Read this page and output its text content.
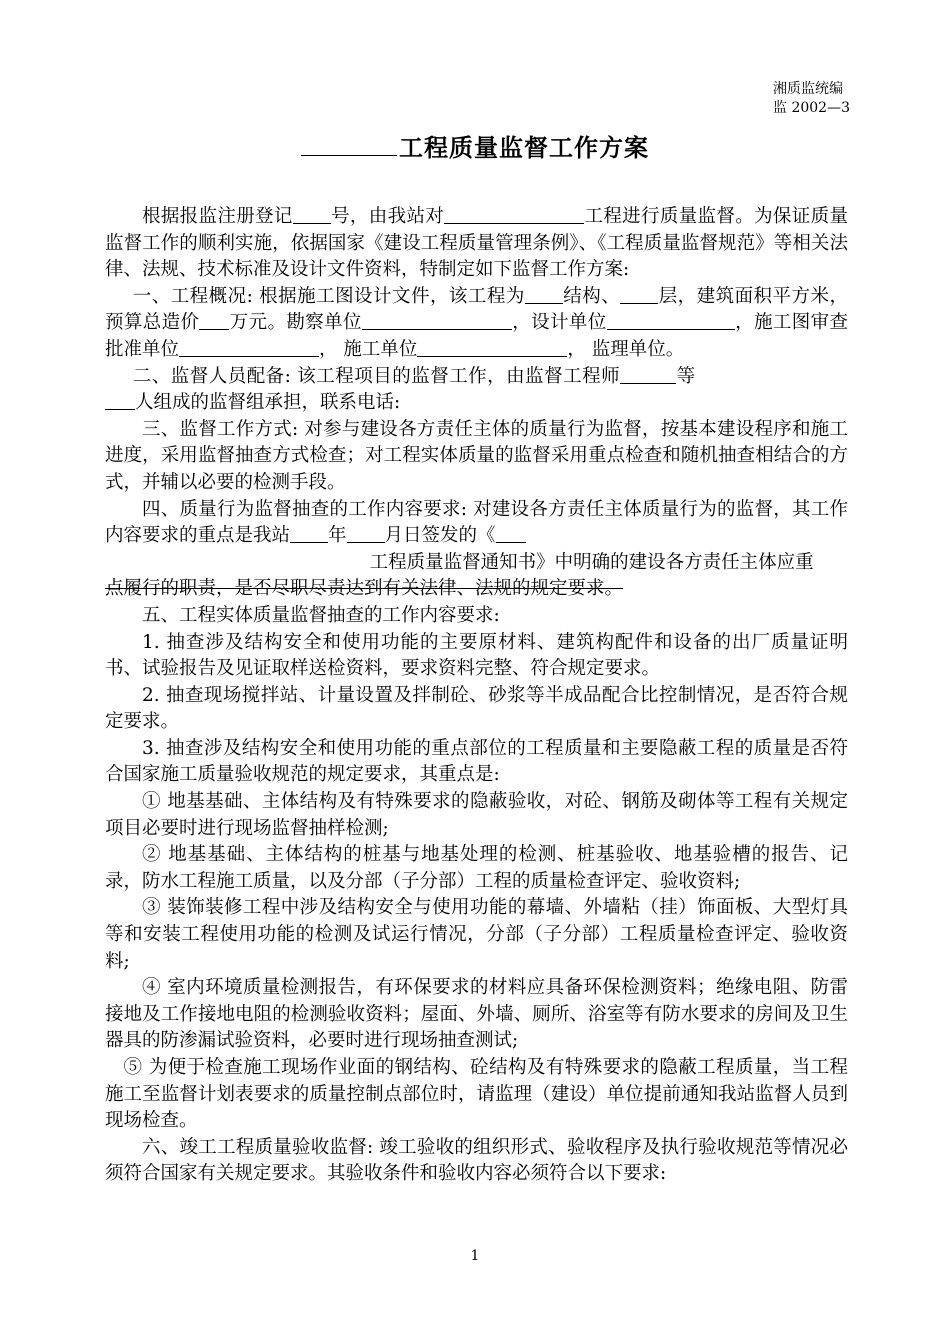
湘质监统编
监 2002—3
工程质量监督工作方案

根据报监注册登记 号，由我站对	工程进行质量监督。为保证质量监督工作的顺利实施，依据国家《建设工程质量管理条例》、《工程质量监督规范》等相关法律、法规、技术标准及设计文件资料，特制定如下监督工作方案:

一、工程概况: 根据施工图设计文件，该工程为 结构、 层，建筑面积平方米，预算总造价 万元。勘察单位	，设计单位	，施工图审查批准单位	， 施工单位	， 监理单位。

二、监督人员配备: 该工程项目的监督工作，由监督工程师	等                         人组成的监督组承担，联系电话:

三、监督工作方式: 对参与建设各方责任主体的质量行为监督，按基本建设程序和施工进度，采用监督抽查方式检查；对工程实体质量的监督采用重点检查和随机抽查相结合的方式，并辅以必要的检测手段。

四、质量行为监督抽查的工作内容要求: 对建设各方责任主体质量行为的监督，其工作内容要求的重点是我站 年 月日签发的《
工程质量监督通知书》中明确的建设各方责任主体应重
点履行的职责，是否尽职尽责达到有关法律、法规的规定要求。

五、工程实体质量监督抽查的工作内容要求:

1. 抽查涉及结构安全和使用功能的主要原材料、建筑构配件和设备的出厂质量证明书、试验报告及见证取样送检资料，要求资料完整、符合规定要求。

2. 抽查现场搅拌站、计量设置及拌制砼、砂浆等半成品配合比控制情况，是否符合规定要求。

3. 抽查涉及结构安全和使用功能的重点部位的工程质量和主要隐蔽工程的质量是否符合国家施工质量验收规范的规定要求，其重点是:

① 地基基础、主体结构及有特殊要求的隐蔽验收，对砼、钢筋及砌体等工程有关规定项目必要时进行现场监督抽样检测;

② 地基基础、主体结构的桩基与地基处理的检测、桩基验收、地基验槽的报告、记录，防水工程施工质量，以及分部（子分部）工程的质量检查评定、验收资料;

③ 装饰装修工程中涉及结构安全与使用功能的幕墙、外墙粘（挂）饰面板、大型灯具等和安装工程使用功能的检测及试运行情况，分部（子分部）工程质量检查评定、验收资料;

④ 室内环境质量检测报告，有环保要求的材料应具备环保检测资料；绝缘电阻、防雷接地及工作接地电阻的检测验收资料；屋面、外墙、厕所、浴室等有防水要求的房间及卫生器具的防渗漏试验资料，必要时进行现场抽查测试;

⑤ 为便于检查施工现场作业面的钢结构、砼结构及有特殊要求的隐蔽工程质量，当工程施工至监督计划表要求的质量控制点部位时，请监理（建设）单位提前通知我站监督人员到现场检查。

六、竣工工程质量验收监督: 竣工验收的组织形式、验收程序及执行验收规范等情况必须符合国家有关规定要求。其验收条件和验收内容必须符合以下要求:

1
